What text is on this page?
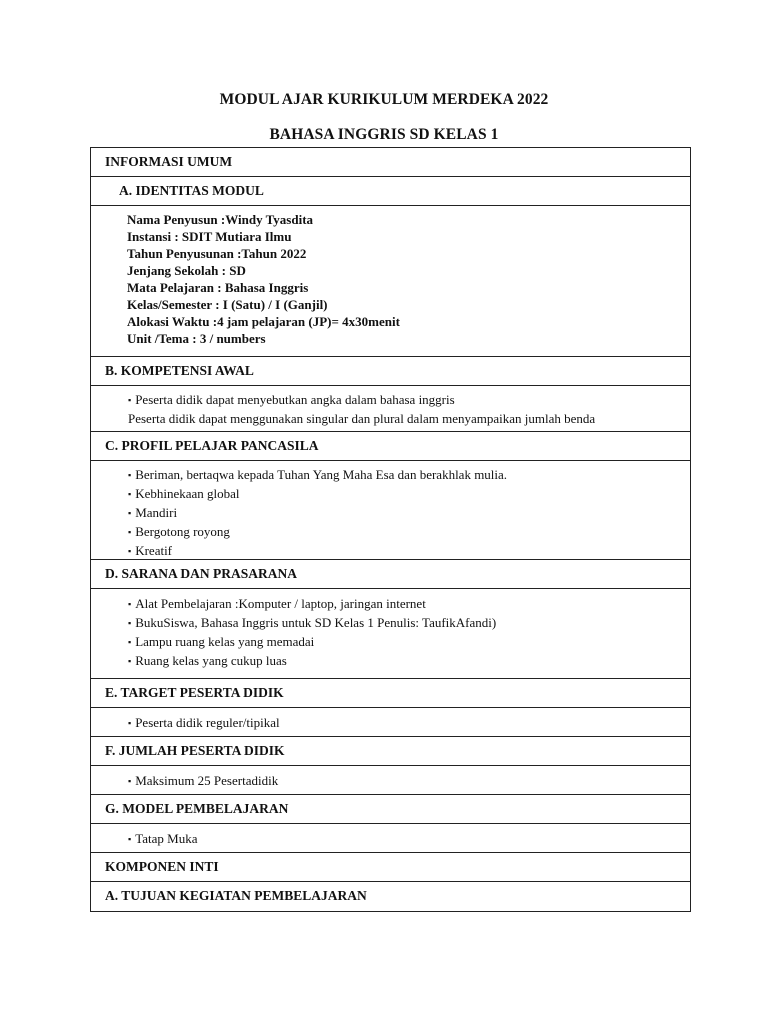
MODUL AJAR KURIKULUM MERDEKA 2022
BAHASA INGGRIS SD KELAS 1
INFORMASI UMUM
A. IDENTITAS MODUL
Nama Penyusun :Windy Tyasdita
Instansi : SDIT Mutiara Ilmu
Tahun Penyusunan :Tahun 2022
Jenjang Sekolah : SD
Mata Pelajaran : Bahasa Inggris
Kelas/Semester : I (Satu) / I (Ganjil)
Alokasi Waktu :4 jam pelajaran (JP)= 4x30menit
Unit /Tema : 3 / numbers
B. KOMPETENSI AWAL
▪ Peserta didik dapat menyebutkan angka dalam bahasa inggris
Peserta didik dapat menggunakan singular dan plural dalam menyampaikan jumlah benda
C. PROFIL PELAJAR PANCASILA
▪ Beriman, bertaqwa kepada Tuhan Yang Maha Esa dan berakhlak mulia.
▪ Kebhinekaan global
▪ Mandiri
▪ Bergotong royong
▪ Kreatif
D. SARANA DAN PRASARANA
▪ Alat Pembelajaran :Komputer / laptop, jaringan internet
▪ BukuSiswa, Bahasa Inggris untuk SD Kelas 1 Penulis: TaufikAfandi)
▪ Lampu ruang kelas yang memadai
▪ Ruang kelas yang cukup luas
E. TARGET PESERTA DIDIK
▪ Peserta didik reguler/tipikal
F. JUMLAH PESERTA DIDIK
▪ Maksimum 25 Pesertadidik
G. MODEL PEMBELAJARAN
▪ Tatap Muka
KOMPONEN INTI
A. TUJUAN KEGIATAN PEMBELAJARAN
